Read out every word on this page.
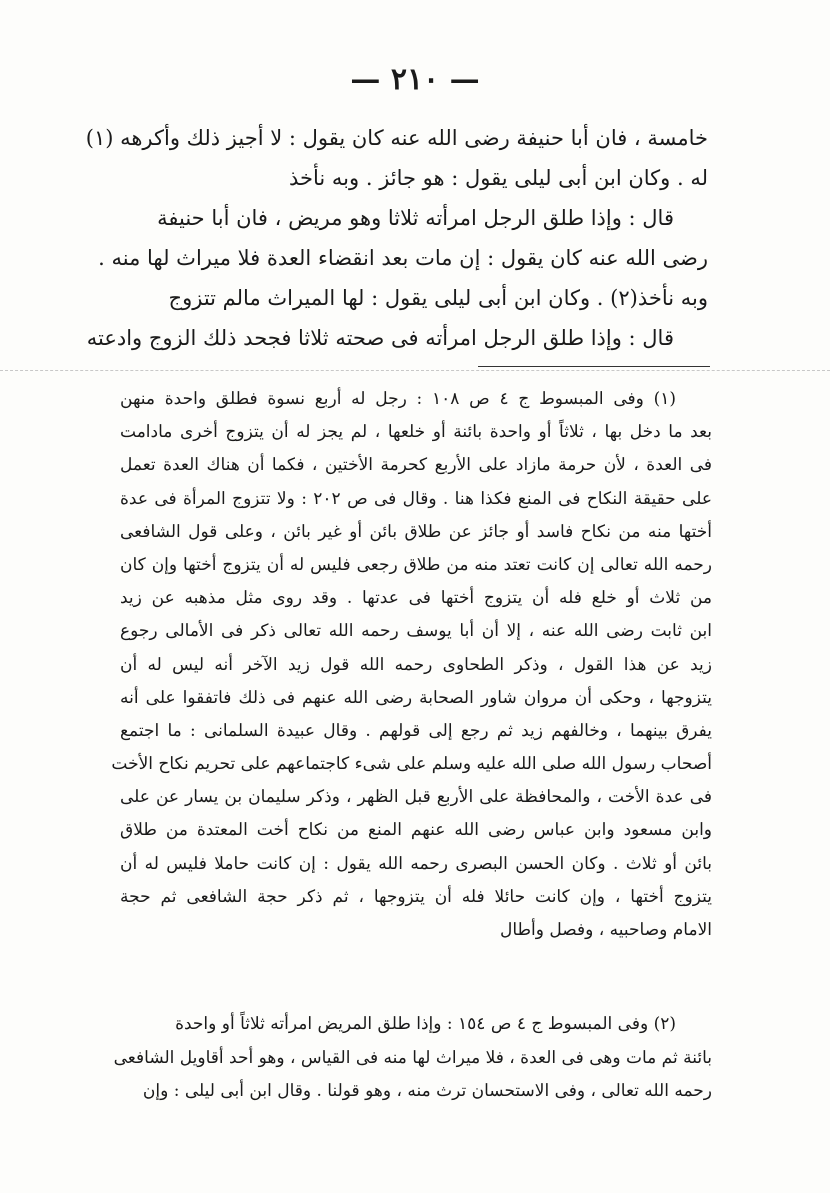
— ٢١٠ —
خامسة ، فان أبا حنيفة رضى الله عنه كان يقول : لا أجيز ذلك وأكرهه (١)
له . وكان ابن أبى ليلى يقول : هو جائز . وبه نأخذ
قال : وإذا طلق الرجل امرأته ثلاثا وهو مريض ، فان أبا حنيفة
رضى الله عنه كان يقول : إن مات بعد انقضاء العدة فلا ميراث لها منه .
وبه نأخذ(٢) . وكان ابن أبى ليلى يقول : لها الميراث مالم تتزوج
قال : وإذا طلق الرجل امرأته فى صحته ثلاثا فجحد ذلك الزوج وادعته
(١) وفى المبسوط ج ٤ ص ١٠٨ : رجل له أربع نسوة فطلق واحدة منهن
بعد ما دخل بها ، ثلاثاً أو واحدة بائنة أو خلعها ، لم يجز له أن يتزوج أخرى مادامت
فى العدة ، لأن حرمة مازاد على الأربع كحرمة الأختين ، فكما أن هناك العدة تعمل
على حقيقة النكاح فى المنع فكذا هنا . وقال فى ص ٢٠٢ : ولا تتزوج المرأة فى عدة
أختها منه من نكاح فاسد أو جائز عن طلاق بائن أو غير بائن ، وعلى قول الشافعى
رحمه الله تعالى إن كانت تعتد منه من طلاق رجعى فليس له أن يتزوج أختها وإن كان
من ثلاث أو خلع فله أن يتزوج أختها فى عدتها . وقد روى مثل مذهبه عن زيد
ابن ثابت رضى الله عنه ، إلا أن أبا يوسف رحمه الله تعالى ذكر فى الأمالى رجوع
زيد عن هذا القول ، وذكر الطحاوى رحمه الله قول زيد الآخر أنه ليس له أن
يتزوجها ، وحكى أن مروان شاور الصحابة رضى الله عنهم فى ذلك فاتفقوا على أنه
يفرق بينهما ، وخالفهم زيد ثم رجع إلى قولهم . وقال عبيدة السلمانى : ما اجتمع
أصحاب رسول الله صلى الله عليه وسلم على شىء كاجتماعهم على تحريم نكاح الأخت
فى عدة الأخت ، والمحافظة على الأربع قبل الظهر ، وذكر سليمان بن يسار عن على
وابن مسعود وابن عباس رضى الله عنهم المنع من نكاح أخت المعتدة من طلاق
بائن أو ثلاث . وكان الحسن البصرى رحمه الله يقول : إن كانت حاملا فليس له أن
يتزوج أختها ، وإن كانت حائلا فله أن يتزوجها ، ثم ذكر حجة الشافعى ثم حجة
الامام وصاحبيه ، وفصل وأطال
(٢) وفى المبسوط ج ٤ ص ١٥٤ : وإذا طلق المريض امرأته ثلاثاً أو واحدة
بائنة ثم مات وهى فى العدة ، فلا ميراث لها منه فى القياس ، وهو أحد أقاويل الشافعى
رحمه الله تعالى ، وفى الاستحسان ترث منه ، وهو قولنا . وقال ابن أبى ليلى : وإن
